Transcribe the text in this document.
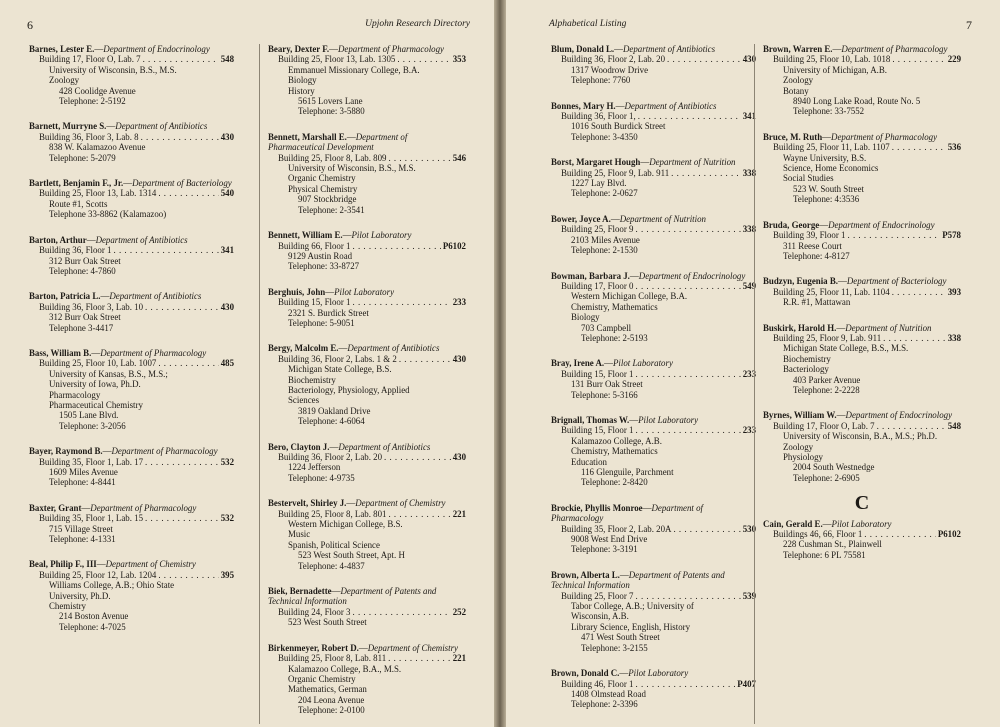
6	Upjohn Research Directory
Barnes, Lester E.—Department of Endocrinology
Building 17, Floor O, Lab. 7 . . .	548
University of Wisconsin, B.S., M.S.
Zoology
428 Coolidge Avenue
Telephone: 2-5192
Barnett, Murryne S.—Department of Antibiotics
Building 36, Floor 3, Lab. 8 . . .	430
838 W. Kalamazoo Avenue
Telephone: 5-2079
Bartlett, Benjamin F., Jr.—Department of Bacteriology
Building 25, Floor 13, Lab. 1314 . . .	540
Route #1, Scotts
Telephone 33-8862 (Kalamazoo)
Barton, Arthur—Department of Antibiotics
Building 36, Floor 1 . . .	341
312 Burr Oak Street
Telephone: 4-7860
Barton, Patricia L.—Department of Antibiotics
Building 36, Floor 3, Lab. 10 . . .	430
312 Burr Oak Street
Telephone 3-4417
Bass, William B.—Department of Pharmacology
Building 25, Floor 10, Lab. 1007 . . .	485
University of Kansas, B.S., M.S.;
University of Iowa, Ph.D.
Pharmacology
Pharmaceutical Chemistry
1505 Lane Blvd.
Telephone: 3-2056
Bayer, Raymond B.—Department of Pharmacology
Building 35, Floor 1, Lab. 17 . . .	532
1609 Miles Avenue
Telephone: 4-8441
Baxter, Grant—Department of Pharmacology
Building 35, Floor 1, Lab. 15 . . .	532
715 Village Street
Telephone: 4-1331
Beal, Philip F., III—Department of Chemistry
Building 25, Floor 12, Lab. 1204 . . .	395
Williams College, A.B.; Ohio State
University, Ph.D.
Chemistry
214 Boston Avenue
Telephone: 4-7025
Beary, Dexter F.—Department of Pharmacology
Building 25, Floor 13, Lab. 1305 . . .	353
Emmanuel Missionary College, B.A.
Biology
History
5615 Lovers Lane
Telephone: 3-5880
Bennett, Marshall E.—Department of Pharmaceutical Development
Building 25, Floor 8, Lab. 809 . . .	546
University of Wisconsin, B.S., M.S.
Organic Chemistry
Physical Chemistry
907 Stockbridge
Telephone: 2-3541
Bennett, William E.—Pilot Laboratory
Building 66, Floor 1 . . .	P6102
9129 Austin Road
Telephone: 33-8727
Berghuis, John—Pilot Laboratory
Building 15, Floor 1 . . .	233
2321 S. Burdick Street
Telephone: 5-9051
Bergy, Malcolm E.—Department of Antibiotics
Building 36, Floor 2, Labs. 1 & 2 . . .	430
Michigan State College, B.S.
Biochemistry
Bacteriology, Physiology, Applied
Sciences
3819 Oakland Drive
Telephone: 4-6064
Bero, Clayton J.—Department of Antibiotics
Building 36, Floor 2, Lab. 20 . . .	430
1224 Jefferson
Telephone: 4-9735
Bestervelt, Shirley J.—Department of Chemistry
Building 25, Floor 8, Lab. 801 . . .	221
Western Michigan College, B.S.
Music
Spanish, Political Science
523 West South Street, Apt. H
Telephone: 4-4837
Biek, Bernadette—Department of Patents and Technical Information
Building 24, Floor 3 . . .	252
523 West South Street
Birkenmeyer, Robert D.—Department of Chemistry
Building 25, Floor 8, Lab. 811 . . .	221
Kalamazoo College, B.A., M.S.
Organic Chemistry
Mathematics, German
204 Leona Avenue
Telephone: 2-0100
Alphabetical Listing	7
Blum, Donald L.—Department of Antibiotics
Building 36, Floor 2, Lab. 20 . . .	430
1317 Woodrow Drive
Telephone: 7760
Bonnes, Mary H.—Department of Antibiotics
Building 36, Floor 1, . . .	341
1016 South Burdick Street
Telephone: 3-4350
Borst, Margaret Hough—Department of Nutrition
Building 25, Floor 9, Lab. 911 . . .	338
1227 Lay Blvd.
Telephone: 2-0627
Bower, Joyce A.—Department of Nutrition
Building 25, Floor 9 . . .	338
2103 Miles Avenue
Telephone: 2-1530
Bowman, Barbara J.—Department of Endocrinology
Building 17, Floor 0 . . .	549
Western Michigan College, B.A.
Chemistry, Mathematics
Biology
703 Campbell
Telephone: 2-5193
Bray, Irene A.—Pilot Laboratory
Building 15, Floor 1 . . .	233
131 Burr Oak Street
Telephone: 5-3166
Brignall, Thomas W.—Pilot Laboratory
Building 15, Floor 1 . . .	233
Kalamazoo College, A.B.
Chemistry, Mathematics
Education
116 Glenguile, Parchment
Telephone: 2-8420
Brockie, Phyllis Monroe—Department of Pharmacology
Building 35, Floor 2, Lab. 20A . . .	530
9008 West End Drive
Telephone: 3-3191
Brown, Alberta L.—Department of Patents and Technical Information
Building 25, Floor 7 . . .	539
Tabor College, A.B.; University of
Wisconsin, A.B.
Library Science, English, History
471 West South Street
Telephone: 3-2155
Brown, Donald C.—Pilot Laboratory
Building 46, Floor 1 . . .	P407
1408 Olmstead Road
Telephone: 2-3396
Brown, Warren E.—Department of Pharmacology
Building 25, Floor 10, Lab. 1018 . . .	229
University of Michigan, A.B.
Zoology
Botany
8940 Long Lake Road, Route No. 5
Telephone: 33-7552
Bruce, M. Ruth—Department of Pharmacology
Building 25, Floor 11, Lab. 1107 . . .	536
Wayne University, B.S.
Science, Home Economics
Social Studies
523 W. South Street
Telephone: 4:3536
Bruda, George—Department of Endocrinology
Building 39, Floor 1 . . .	P578
311 Reese Court
Telephone: 4-8127
Budzyn, Eugenia B.—Department of Bacteriology
Building 25, Floor 11, Lab. 1104 . . .	393
R.R. #1, Mattawan
Buskirk, Harold H.—Department of Nutrition
Building 25, Floor 9, Lab. 911 . . .	338
Michigan State College, B.S., M.S.
Biochemistry
Bacteriology
403 Parker Avenue
Telephone: 2-2228
Byrnes, William W.—Department of Endocrinology
Building 17, Floor O, Lab. 7 . . .	548
University of Wisconsin, B.A., M.S.; Ph.D.
Zoology
Physiology
2004 South Westnedge
Telephone: 2-6905
C
Cain, Gerald E.—Pilot Laboratory
Buildings 46, 66, Floor 1 . . .	P6102
228 Cushman St., Plainwell
Telephone: 6 PL 75581
